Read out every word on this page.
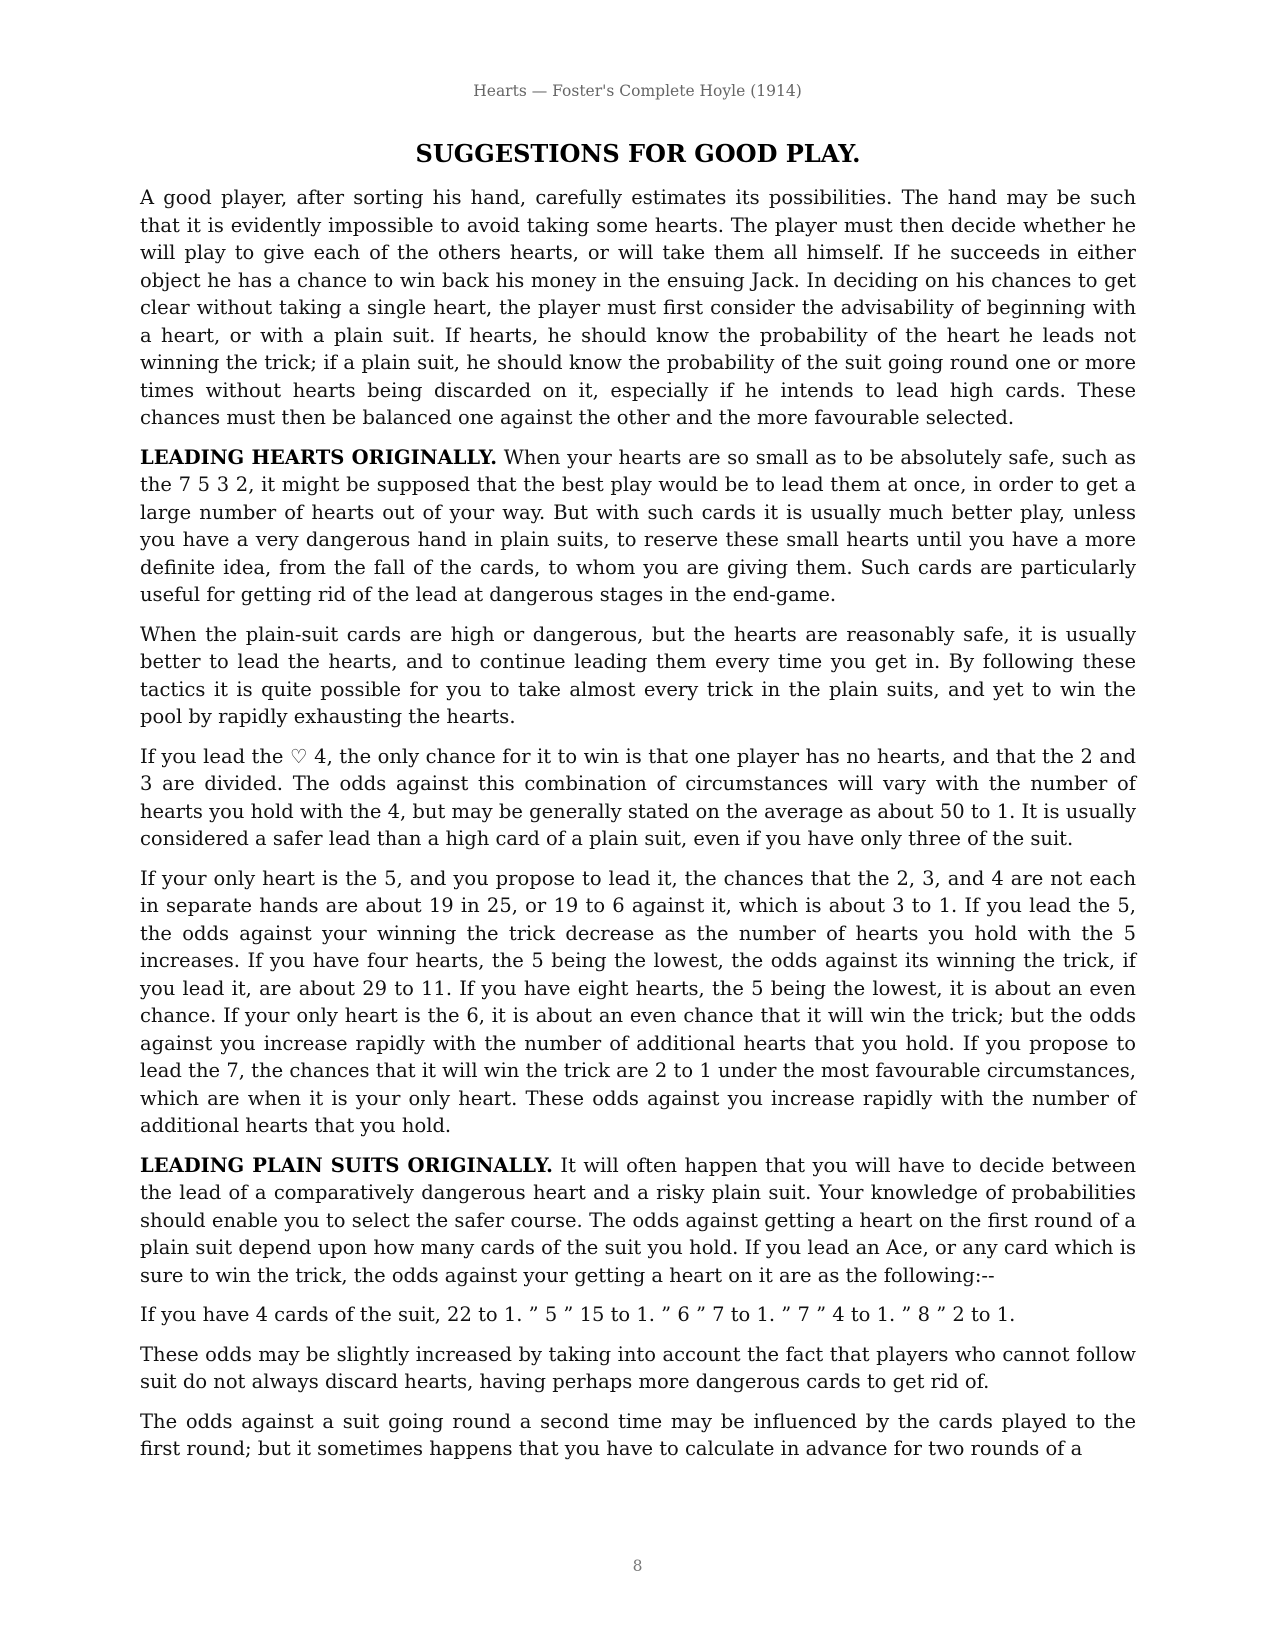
Hearts — Foster's Complete Hoyle (1914)
SUGGESTIONS FOR GOOD PLAY.

A good player, after sorting his hand, carefully estimates its possibilities. The hand may be such that it is evidently impossible to avoid taking some hearts. The player must then decide whether he will play to give each of the others hearts, or will take them all himself. If he succeeds in either object he has a chance to win back his money in the ensuing Jack. In deciding on his chances to get clear without taking a single heart, the player must first consider the advisability of beginning with a heart, or with a plain suit. If hearts, he should know the probability of the heart he leads not winning the trick; if a plain suit, he should know the probability of the suit going round one or more times without hearts being discarded on it, especially if he intends to lead high cards. These chances must then be balanced one against the other and the more favourable selected.

LEADING HEARTS ORIGINALLY. When your hearts are so small as to be absolutely safe, such as the 7 5 3 2, it might be supposed that the best play would be to lead them at once, in order to get a large number of hearts out of your way. But with such cards it is usually much better play, unless you have a very dangerous hand in plain suits, to reserve these small hearts until you have a more definite idea, from the fall of the cards, to whom you are giving them. Such cards are particularly useful for getting rid of the lead at dangerous stages in the end-game.

When the plain-suit cards are high or dangerous, but the hearts are reasonably safe, it is usually better to lead the hearts, and to continue leading them every time you get in. By following these tactics it is quite possible for you to take almost every trick in the plain suits, and yet to win the pool by rapidly exhausting the hearts.

If you lead the ♡ 4, the only chance for it to win is that one player has no hearts, and that the 2 and 3 are divided. The odds against this combination of circumstances will vary with the number of hearts you hold with the 4, but may be generally stated on the average as about 50 to 1. It is usually considered a safer lead than a high card of a plain suit, even if you have only three of the suit.

If your only heart is the 5, and you propose to lead it, the chances that the 2, 3, and 4 are not each in separate hands are about 19 in 25, or 19 to 6 against it, which is about 3 to 1. If you lead the 5, the odds against your winning the trick decrease as the number of hearts you hold with the 5 increases. If you have four hearts, the 5 being the lowest, the odds against its winning the trick, if you lead it, are about 29 to 11. If you have eight hearts, the 5 being the lowest, it is about an even chance. If your only heart is the 6, it is about an even chance that it will win the trick; but the odds against you increase rapidly with the number of additional hearts that you hold. If you propose to lead the 7, the chances that it will win the trick are 2 to 1 under the most favourable circumstances, which are when it is your only heart. These odds against you increase rapidly with the number of additional hearts that you hold.

LEADING PLAIN SUITS ORIGINALLY. It will often happen that you will have to decide between the lead of a comparatively dangerous heart and a risky plain suit. Your knowledge of probabilities should enable you to select the safer course. The odds against getting a heart on the first round of a plain suit depend upon how many cards of the suit you hold. If you lead an Ace, or any card which is sure to win the trick, the odds against your getting a heart on it are as the following:--

If you have 4 cards of the suit, 22 to 1. ” 5 ” 15 to 1. ” 6 ” 7 to 1. ” 7 ” 4 to 1. ” 8 ” 2 to 1.

These odds may be slightly increased by taking into account the fact that players who cannot follow suit do not always discard hearts, having perhaps more dangerous cards to get rid of.

The odds against a suit going round a second time may be influenced by the cards played to the first round; but it sometimes happens that you have to calculate in advance for two rounds of a

8
